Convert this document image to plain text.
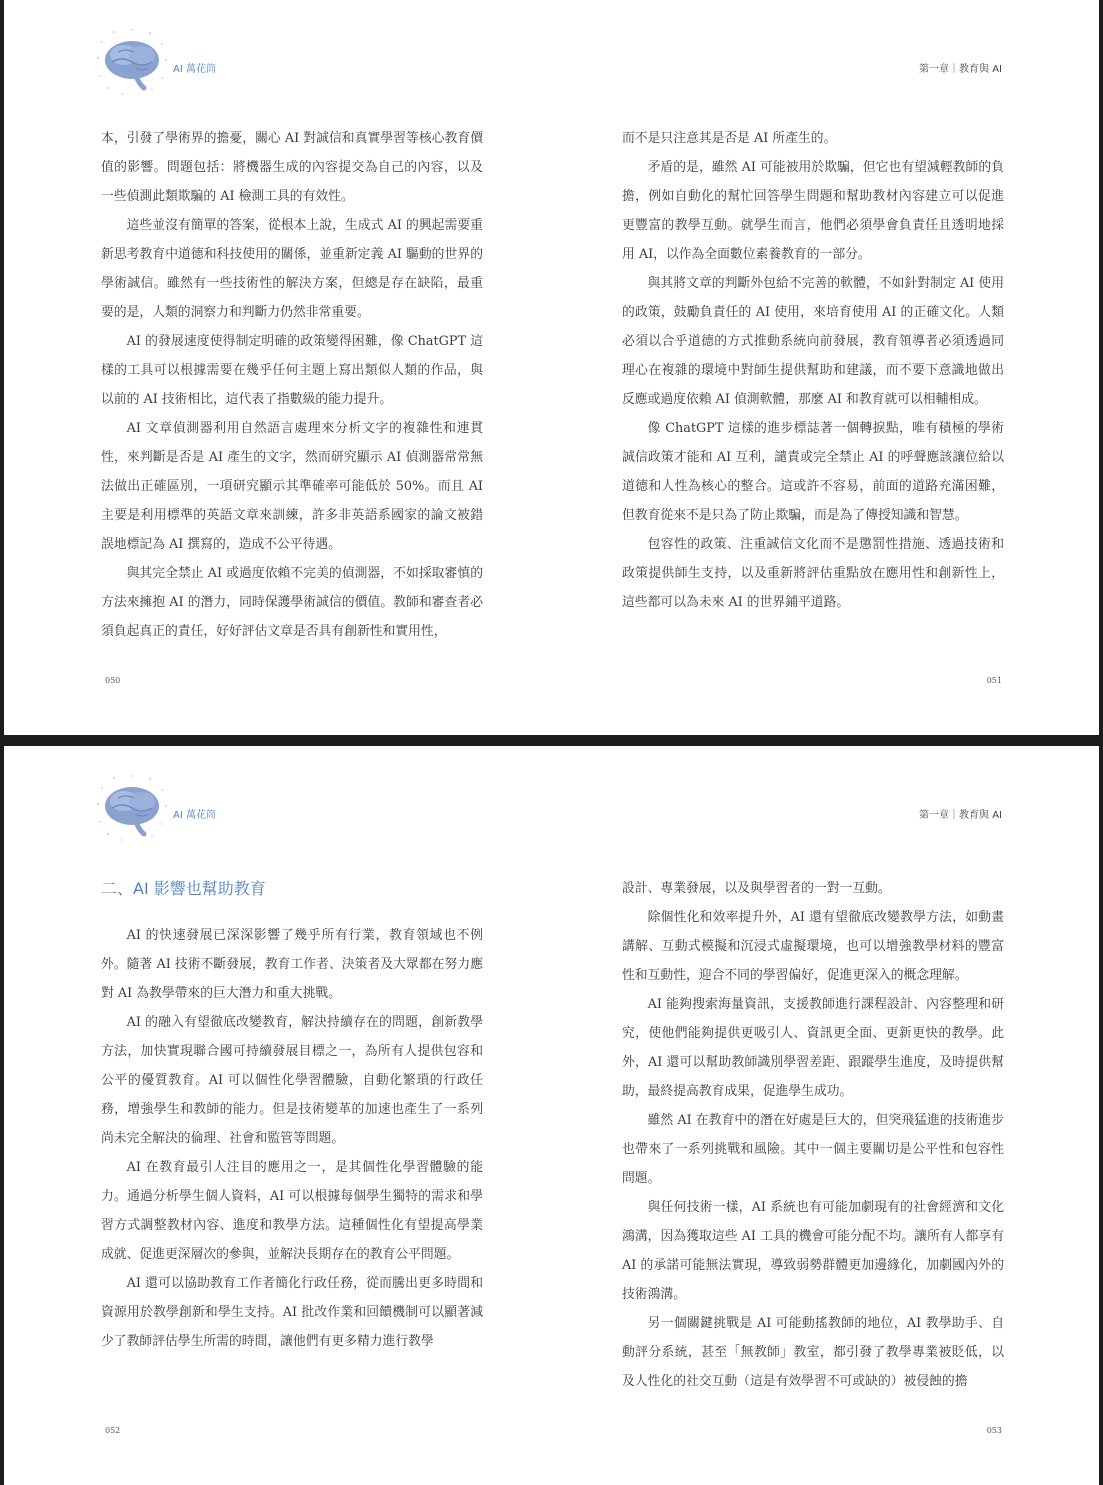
AI 萬花筒	第一章｜教育與 AI

本，引發了學術界的擔憂，關心 AI 對誠信和真實學習等核心教育價值的影響。問題包括：將機器生成的內容提交為自己的內容，以及一些偵測此類欺騙的 AI 檢測工具的有效性。

這些並沒有簡單的答案，從根本上說，生成式 AI 的興起需要重新思考教育中道德和科技使用的關係，並重新定義 AI 驅動的世界的學術誠信。雖然有一些技術性的解決方案，但總是存在缺陷，最重要的是，人類的洞察力和判斷力仍然非常重要。

AI 的發展速度使得制定明確的政策變得困難，像 ChatGPT 這樣的工具可以根據需要在幾乎任何主題上寫出類似人類的作品，與以前的 AI 技術相比，這代表了指數級的能力提升。

AI 文章偵測器利用自然語言處理來分析文字的複雜性和連貫性，來判斷是否是 AI 產生的文字，然而研究顯示 AI 偵測器常常無法做出正確區別，一項研究顯示其準確率可能低於 50%。而且 AI 主要是利用標準的英語文章來訓練，許多非英語系國家的論文被錯誤地標記為 AI 撰寫的，造成不公平待遇。

與其完全禁止 AI 或過度依賴不完美的偵測器，不如採取審慎的方法來擁抱 AI 的潛力，同時保護學術誠信的價值。教師和審查者必須負起真正的責任，好好評估文章是否具有創新性和實用性，

而不是只注意其是否是 AI 所產生的。

矛盾的是，雖然 AI 可能被用於欺騙，但它也有望減輕教師的負擔，例如自動化的幫忙回答學生問題和幫助教材內容建立可以促進更豐富的教學互動。就學生而言，他們必須學會負責任且透明地採用 AI，以作為全面數位素養教育的一部分。

與其將文章的判斷外包給不完善的軟體，不如針對制定 AI 使用的政策，鼓勵負責任的 AI 使用，來培育使用 AI 的正確文化。人類必須以合乎道德的方式推動系統向前發展，教育領導者必須透過同理心在複雜的環境中對師生提供幫助和建議，而不要下意識地做出反應或過度依賴 AI 偵測軟體，那麼 AI 和教育就可以相輔相成。

像 ChatGPT 這樣的進步標誌著一個轉捩點，唯有積極的學術誠信政策才能和 AI 互利，譴責或完全禁止 AI 的呼聲應該讓位給以道德和人性為核心的整合。這或許不容易，前面的道路充滿困難，但教育從來不是只為了防止欺騙，而是為了傳授知識和智慧。

包容性的政策、注重誠信文化而不是懲罰性措施、透過技術和政策提供師生支持，以及重新將評估重點放在應用性和創新性上，這些都可以為未來 AI 的世界鋪平道路。

050	051
AI 萬花筒	第一章｜教育與 AI
二、AI 影響也幫助教育

AI 的快速發展已深深影響了幾乎所有行業，教育領域也不例外。隨著 AI 技術不斷發展，教育工作者、決策者及大眾都在努力應對 AI 為教學帶來的巨大潛力和重大挑戰。

AI 的融入有望徹底改變教育，解決持續存在的問題，創新教學方法，加快實現聯合國可持續發展目標之一，為所有人提供包容和公平的優質教育。AI 可以個性化學習體驗，自動化繁瑣的行政任務，增強學生和教師的能力。但是技術變革的加速也產生了一系列尚未完全解決的倫理、社會和監管等問題。

AI 在教育最引人注目的應用之一，是其個性化學習體驗的能力。通過分析學生個人資料，AI 可以根據每個學生獨特的需求和學習方式調整教材內容、進度和教學方法。這種個性化有望提高學業成就、促進更深層次的參與，並解決長期存在的教育公平問題。

AI 還可以協助教育工作者簡化行政任務，從而騰出更多時間和資源用於教學創新和學生支持。AI 批改作業和回饋機制可以顯著減少了教師評估學生所需的時間，讓他們有更多精力進行教學

設計、專業發展，以及與學習者的一對一互動。

除個性化和效率提升外，AI 還有望徹底改變教學方法，如動畫講解、互動式模擬和沉浸式虛擬環境，也可以增強教學材料的豐富性和互動性，迎合不同的學習偏好，促進更深入的概念理解。

AI 能夠搜索海量資訊，支援教師進行課程設計、內容整理和研究，使他們能夠提供更吸引人、資訊更全面、更新更快的教學。此外，AI 還可以幫助教師識別學習差距、跟蹤學生進度，及時提供幫助，最終提高教育成果，促進學生成功。

雖然 AI 在教育中的潛在好處是巨大的，但突飛猛進的技術進步也帶來了一系列挑戰和風險。其中一個主要關切是公平性和包容性問題。

與任何技術一樣，AI 系統也有可能加劇現有的社會經濟和文化鴻溝，因為獲取這些 AI 工具的機會可能分配不均。讓所有人都享有 AI 的承諾可能無法實現，導致弱勢群體更加邊緣化，加劇國內外的技術鴻溝。

另一個關鍵挑戰是 AI 可能動搖教師的地位，AI 教學助手、自動評分系統，甚至「無教師」教室，都引發了教學專業被貶低，以及人性化的社交互動（這是有效學習不可或缺的）被侵蝕的擔

052	053
